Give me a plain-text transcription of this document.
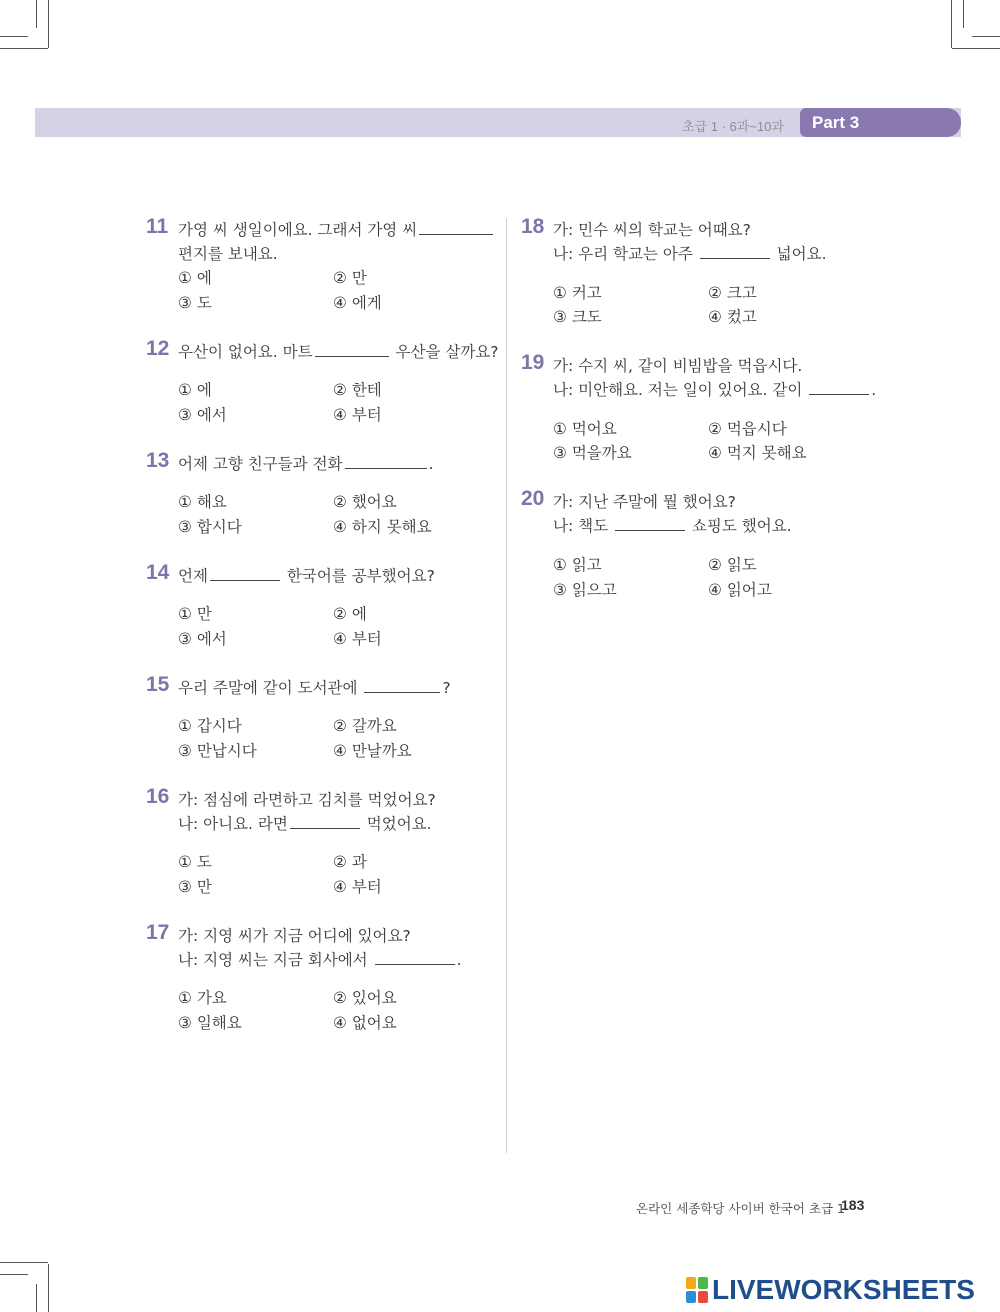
초급 1 · 6과~10과	Part 3
11 가영 씨 생일이에요. 그래서 가영 씨
편지를 보내요.
① 에	② 만
③ 도	④ 에게
12 우산이 없어요. 마트	우산을 살까요?
① 에	② 한테
③ 에서	④ 부터
13 어제 고향 친구들과 전화	.
① 해요	② 했어요
③ 합시다	④ 하지 못해요
14 언제	한국어를 공부했어요?
① 만	② 에
③ 에서	④ 부터
15 우리 주말에 같이 도서관에	?
① 갑시다	② 갈까요
③ 만납시다	④ 만날까요
16 가: 점심에 라면하고 김치를 먹었어요?
나: 아니요. 라면	먹었어요.
① 도	② 과
③ 만	④ 부터
17 가: 지영 씨가 지금 어디에 있어요?
나: 지영 씨는 지금 회사에서	.
① 가요	② 있어요
③ 일해요	④ 없어요
18 가: 민수 씨의 학교는 어때요?
나: 우리 학교는 아주	넓어요.
① 커고	② 크고
③ 크도	④ 컸고
19 가: 수지 씨, 같이 비빔밥을 먹읍시다.
나: 미안해요. 저는 일이 있어요. 같이	.
① 먹어요	② 먹읍시다
③ 먹을까요	④ 먹지 못해요
20 가: 지난 주말에 뭘 했어요?
나: 책도	쇼핑도 했어요.
① 읽고	② 읽도
③ 읽으고	④ 읽어고
온라인 세종학당 사이버 한국어 초급 1
183
LIVEWORKSHEETS
